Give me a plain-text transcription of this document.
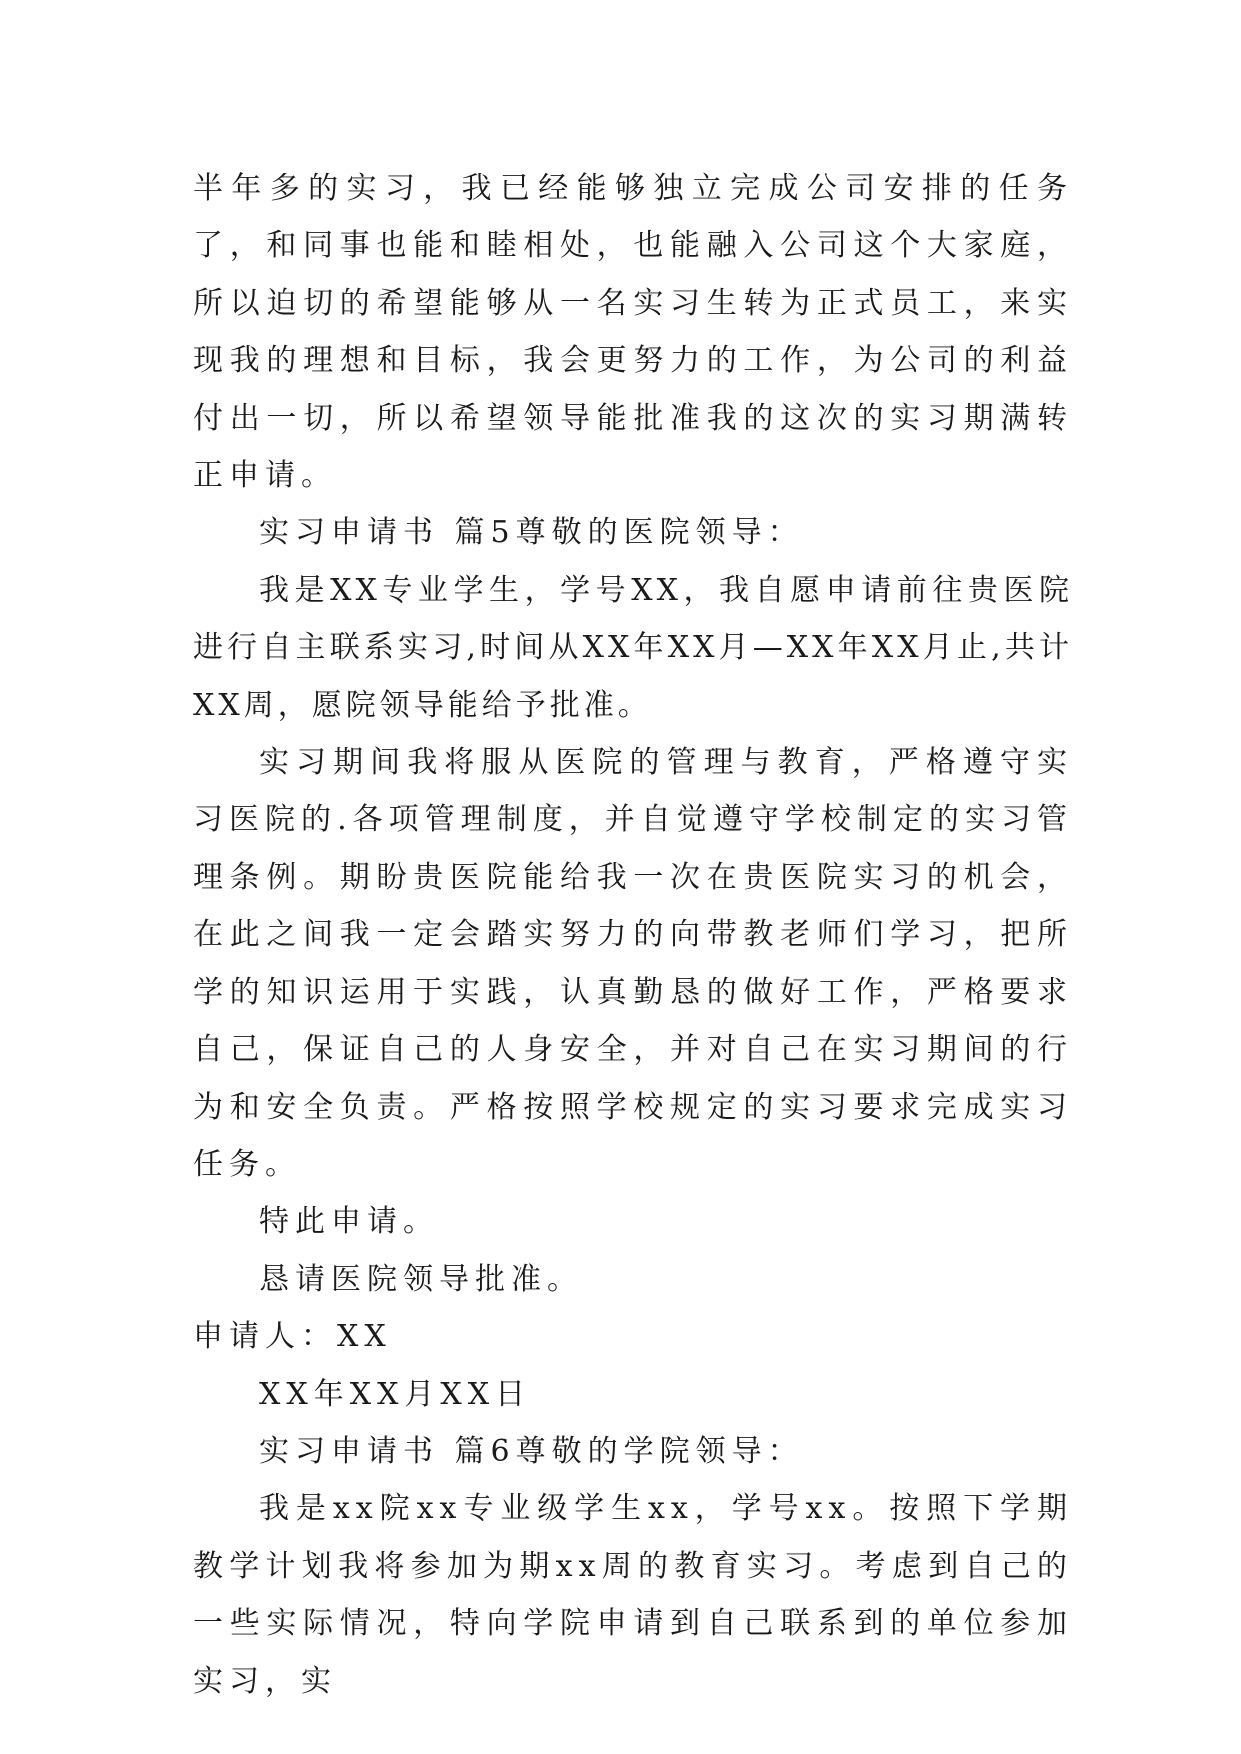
半年多的实习，我已经能够独立完成公司安排的任务了，和同事也能和睦相处，也能融入公司这个大家庭，所以迫切的希望能够从一名实习生转为正式员工，来实现我的理想和目标，我会更努力的工作，为公司的利益付出一切，所以希望领导能批准我的这次的实习期满转正申请。

实习申请书 篇5尊敬的医院领导：

我是XX专业学生，学号XX，我自愿申请前往贵医院进行自主联系实习,时间从XX年XX月—XX年XX月止,共计XX周，愿院领导能给予批准。

实习期间我将服从医院的管理与教育，严格遵守实习医院的.各项管理制度，并自觉遵守学校制定的实习管理条例。期盼贵医院能给我一次在贵医院实习的机会，在此之间我一定会踏实努力的向带教老师们学习，把所学的知识运用于实践，认真勤恳的做好工作，严格要求自己，保证自己的人身安全，并对自己在实习期间的行为和安全负责。严格按照学校规定的实习要求完成实习任务。

特此申请。

恳请医院领导批准。

申请人：XX

XX年XX月XX日

实习申请书 篇6尊敬的学院领导：

我是xx院xx专业级学生xx，学号xx。按照下学期教学计划我将参加为期xx周的教育实习。考虑到自己的一些实际情况，特向学院申请到自己联系到的单位参加实习，实
